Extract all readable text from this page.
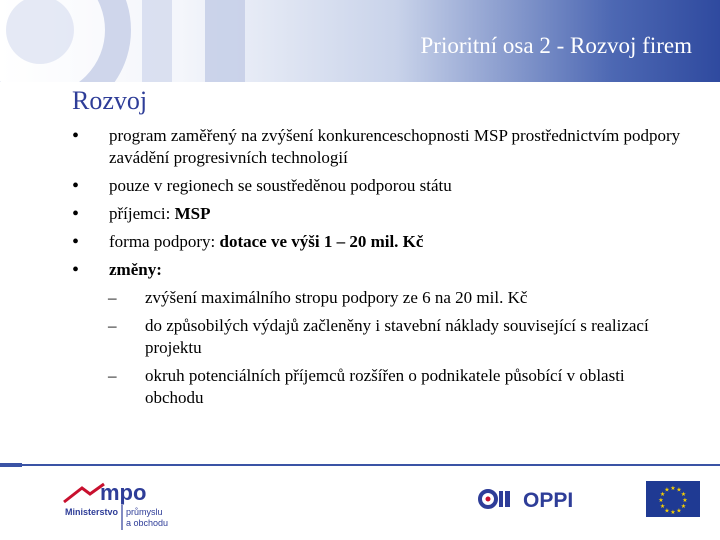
Prioritní osa 2 - Rozvoj firem
Rozvoj
• program zaměřený na zvýšení konkurenceschopnosti MSP prostřednictvím podpory zavádění progresivních technologií
• pouze v regionech se soustředěnou podporou státu
• příjemci: MSP
• forma podpory: dotace ve výši 1 – 20 mil. Kč
• změny:
– zvýšení maximálního stropu podpory ze 6 na 20 mil. Kč
– do způsobilých výdajů začleněny i stavební náklady související s realizací projektu
– okruh potenciálních příjemců rozšířen o podnikatele působící v oblasti obchodu
mpo
Ministerstvo průmyslu
a obchodu
OPPI
★ ★
★
★
★
★
★
★
★
★
★
★
